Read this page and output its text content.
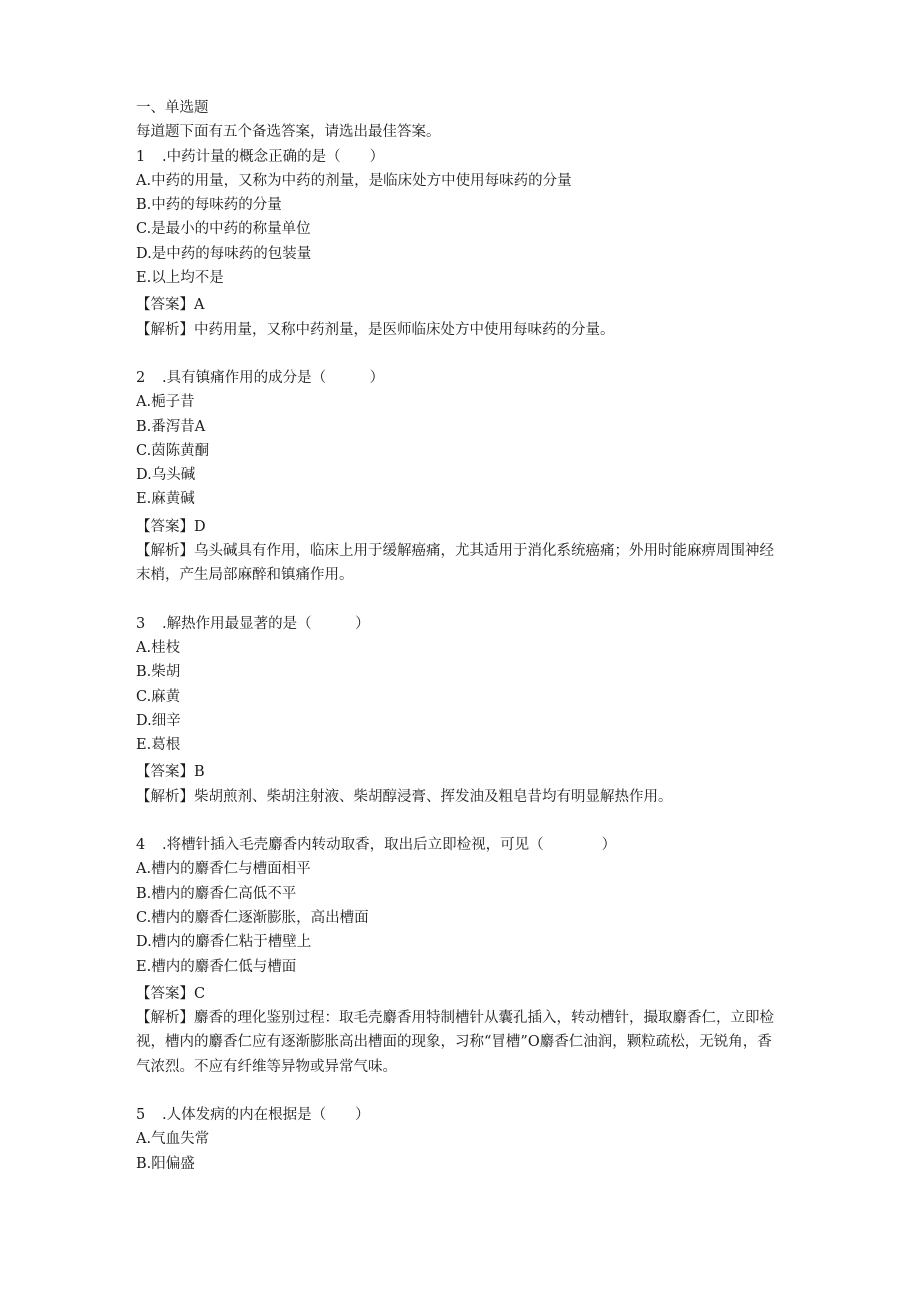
一、单选题
每道题下面有五个备选答案，请选出最佳答案。
1 .中药计量的概念正确的是（　　）
A.中药的用量，又称为中药的剂量，是临床处方中使用每味药的分量
B.中药的每味药的分量
C.是最小的中药的称量单位
D.是中药的每味药的包装量
E.以上均不是
【答案】A
【解析】中药用量，又称中药剂量，是医师临床处方中使用每味药的分量。
2 .具有镇痛作用的成分是（　　　）
A.梔子昔
B.番泻昔A
C.茵陈黄酮
D.乌头碱
E.麻黄碱
【答案】D
【解析】乌头碱具有作用，临床上用于缓解癌痛，尤其适用于消化系统癌痛；外用时能麻痹周围神经末梢，产生局部麻醉和镇痛作用。
3 .解热作用最显著的是（　　　）
A.桂枝
B.柴胡
C.麻黄
D.细辛
E.葛根
【答案】B
【解析】柴胡煎剂、柴胡注射液、柴胡醇浸膏、挥发油及粗皂昔均有明显解热作用。
4 .将槽针插入毛壳麝香内转动取香，取出后立即检视，可见（　　　　）
A.槽内的麝香仁与槽面相平
B.槽内的麝香仁高低不平
C.槽内的麝香仁逐渐膨胀，高出槽面
D.槽内的麝香仁粘于槽壁上
E.槽内的麝香仁低与槽面
【答案】C
【解析】麝香的理化鉴别过程：取毛壳麝香用特制槽针从囊孔插入，转动槽针，撮取麝香仁，立即检视，槽内的麝香仁应有逐渐膨胀高出槽面的现象，习称“冒槽”O麝香仁油润，颗粒疏松，无锐角，香气浓烈。不应有纤维等异物或异常气味。
5 .人体发病的内在根据是（　　）
A.气血失常
B.阳偏盛
